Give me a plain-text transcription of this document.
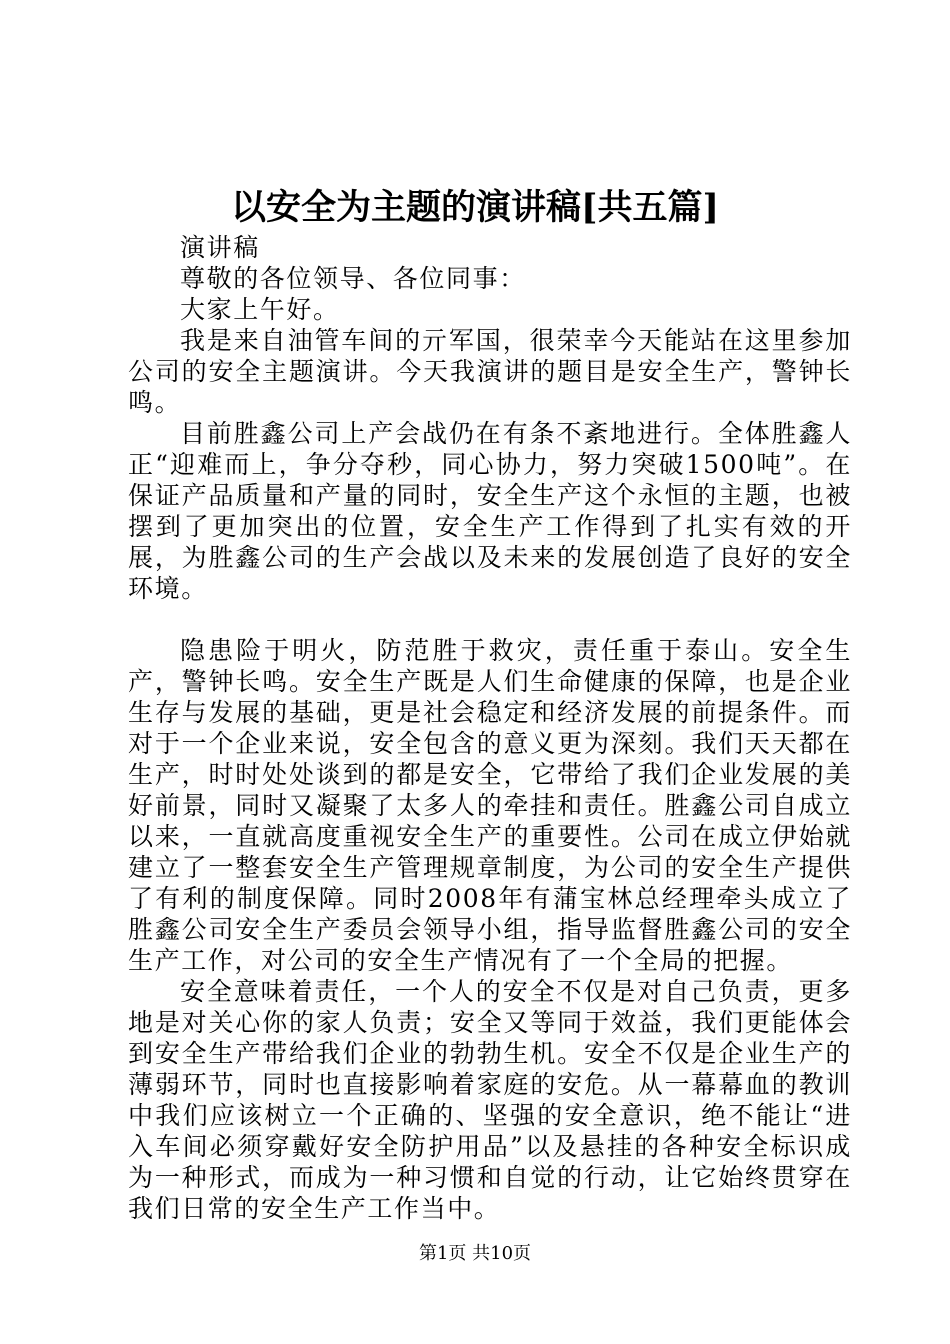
以安全为主题的演讲稿[共五篇]

演讲稿

尊敬的各位领导、各位同事：

大家上午好。

我是来自油管车间的亓军国，很荣幸今天能站在这里参加公司的安全主题演讲。今天我演讲的题目是安全生产，警钟长鸣。

目前胜鑫公司上产会战仍在有条不紊地进行。全体胜鑫人正“迎难而上，争分夺秒，同心协力，努力突破1500吨”。在保证产品质量和产量的同时，安全生产这个永恒的主题，也被摆到了更加突出的位置，安全生产工作得到了扎实有效的开展，为胜鑫公司的生产会战以及未来的发展创造了良好的安全环境。

隐患险于明火，防范胜于救灾，责任重于泰山。安全生产，警钟长鸣。安全生产既是人们生命健康的保障，也是企业生存与发展的基础，更是社会稳定和经济发展的前提条件。而对于一个企业来说，安全包含的意义更为深刻。我们天天都在生产，时时处处谈到的都是安全，它带给了我们企业发展的美好前景，同时又凝聚了太多人的牵挂和责任。胜鑫公司自成立以来，一直就高度重视安全生产的重要性。公司在成立伊始就建立了一整套安全生产管理规章制度，为公司的安全生产提供了有利的制度保障。同时2008年有蒲宝林总经理牵头成立了胜鑫公司安全生产委员会领导小组，指导监督胜鑫公司的安全生产工作，对公司的安全生产情况有了一个全局的把握。

安全意味着责任，一个人的安全不仅是对自己负责，更多地是对关心你的家人负责；安全又等同于效益，我们更能体会到安全生产带给我们企业的勃勃生机。安全不仅是企业生产的薄弱环节，同时也直接影响着家庭的安危。从一幕幕血的教训中我们应该树立一个正确的、坚强的安全意识，绝不能让“进入车间必须穿戴好安全防护用品”以及悬挂的各种安全标识成为一种形式，而成为一种习惯和自觉的行动，让它始终贯穿在我们日常的安全生产工作当中。

第1页 共10页
